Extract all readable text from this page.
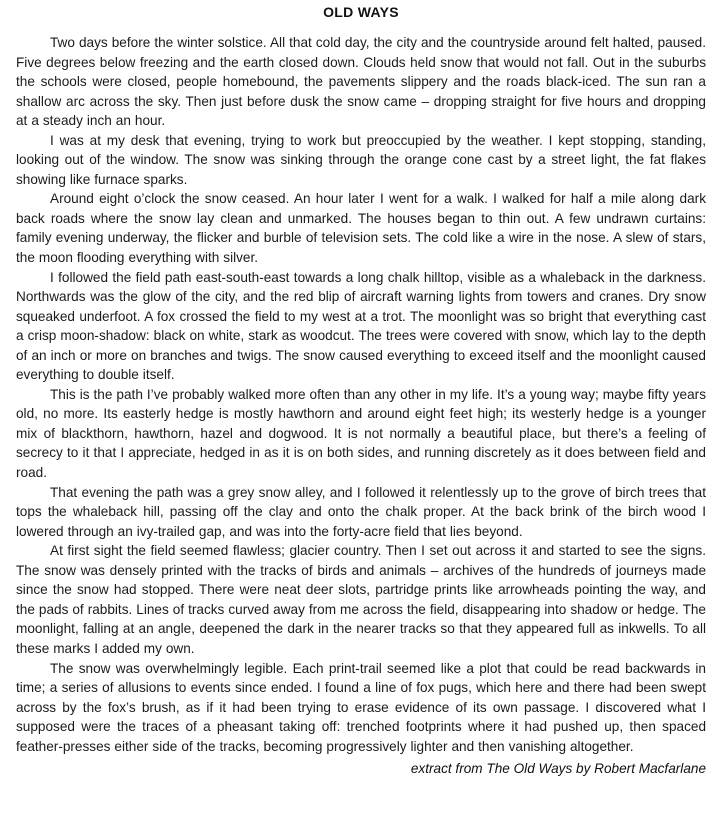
OLD WAYS

Two days before the winter solstice. All that cold day, the city and the countryside around felt halted, paused. Five degrees below freezing and the earth closed down. Clouds held snow that would not fall. Out in the suburbs the schools were closed, people homebound, the pavements slippery and the roads black-iced. The sun ran a shallow arc across the sky. Then just before dusk the snow came – dropping straight for five hours and dropping at a steady inch an hour.

I was at my desk that evening, trying to work but preoccupied by the weather. I kept stopping, standing, looking out of the window. The snow was sinking through the orange cone cast by a street light, the fat flakes showing like furnace sparks.

Around eight o’clock the snow ceased. An hour later I went for a walk. I walked for half a mile along dark back roads where the snow lay clean and unmarked. The houses began to thin out. A few undrawn curtains: family evening underway, the flicker and burble of television sets. The cold like a wire in the nose. A slew of stars, the moon flooding everything with silver.

I followed the field path east-south-east towards a long chalk hilltop, visible as a whaleback in the darkness. Northwards was the glow of the city, and the red blip of aircraft warning lights from towers and cranes. Dry snow squeaked underfoot. A fox crossed the field to my west at a trot. The moonlight was so bright that everything cast a crisp moon-shadow: black on white, stark as woodcut. The trees were covered with snow, which lay to the depth of an inch or more on branches and twigs. The snow caused everything to exceed itself and the moonlight caused everything to double itself.

This is the path I’ve probably walked more often than any other in my life. It’s a young way; maybe fifty years old, no more. Its easterly hedge is mostly hawthorn and around eight feet high; its westerly hedge is a younger mix of blackthorn, hawthorn, hazel and dogwood. It is not normally a beautiful place, but there’s a feeling of secrecy to it that I appreciate, hedged in as it is on both sides, and running discretely as it does between field and road.

That evening the path was a grey snow alley, and I followed it relentlessly up to the grove of birch trees that tops the whaleback hill, passing off the clay and onto the chalk proper. At the back brink of the birch wood I lowered through an ivy-trailed gap, and was into the forty-acre field that lies beyond.

At first sight the field seemed flawless; glacier country. Then I set out across it and started to see the signs. The snow was densely printed with the tracks of birds and animals – archives of the hundreds of journeys made since the snow had stopped. There were neat deer slots, partridge prints like arrowheads pointing the way, and the pads of rabbits. Lines of tracks curved away from me across the field, disappearing into shadow or hedge. The moonlight, falling at an angle, deepened the dark in the nearer tracks so that they appeared full as inkwells. To all these marks I added my own.

The snow was overwhelmingly legible. Each print-trail seemed like a plot that could be read backwards in time; a series of allusions to events since ended. I found a line of fox pugs, which here and there had been swept across by the fox’s brush, as if it had been trying to erase evidence of its own passage. I discovered what I supposed were the traces of a pheasant taking off: trenched footprints where it had pushed up, then spaced feather-presses either side of the tracks, becoming progressively lighter and then vanishing altogether.

extract from The Old Ways by Robert Macfarlane
